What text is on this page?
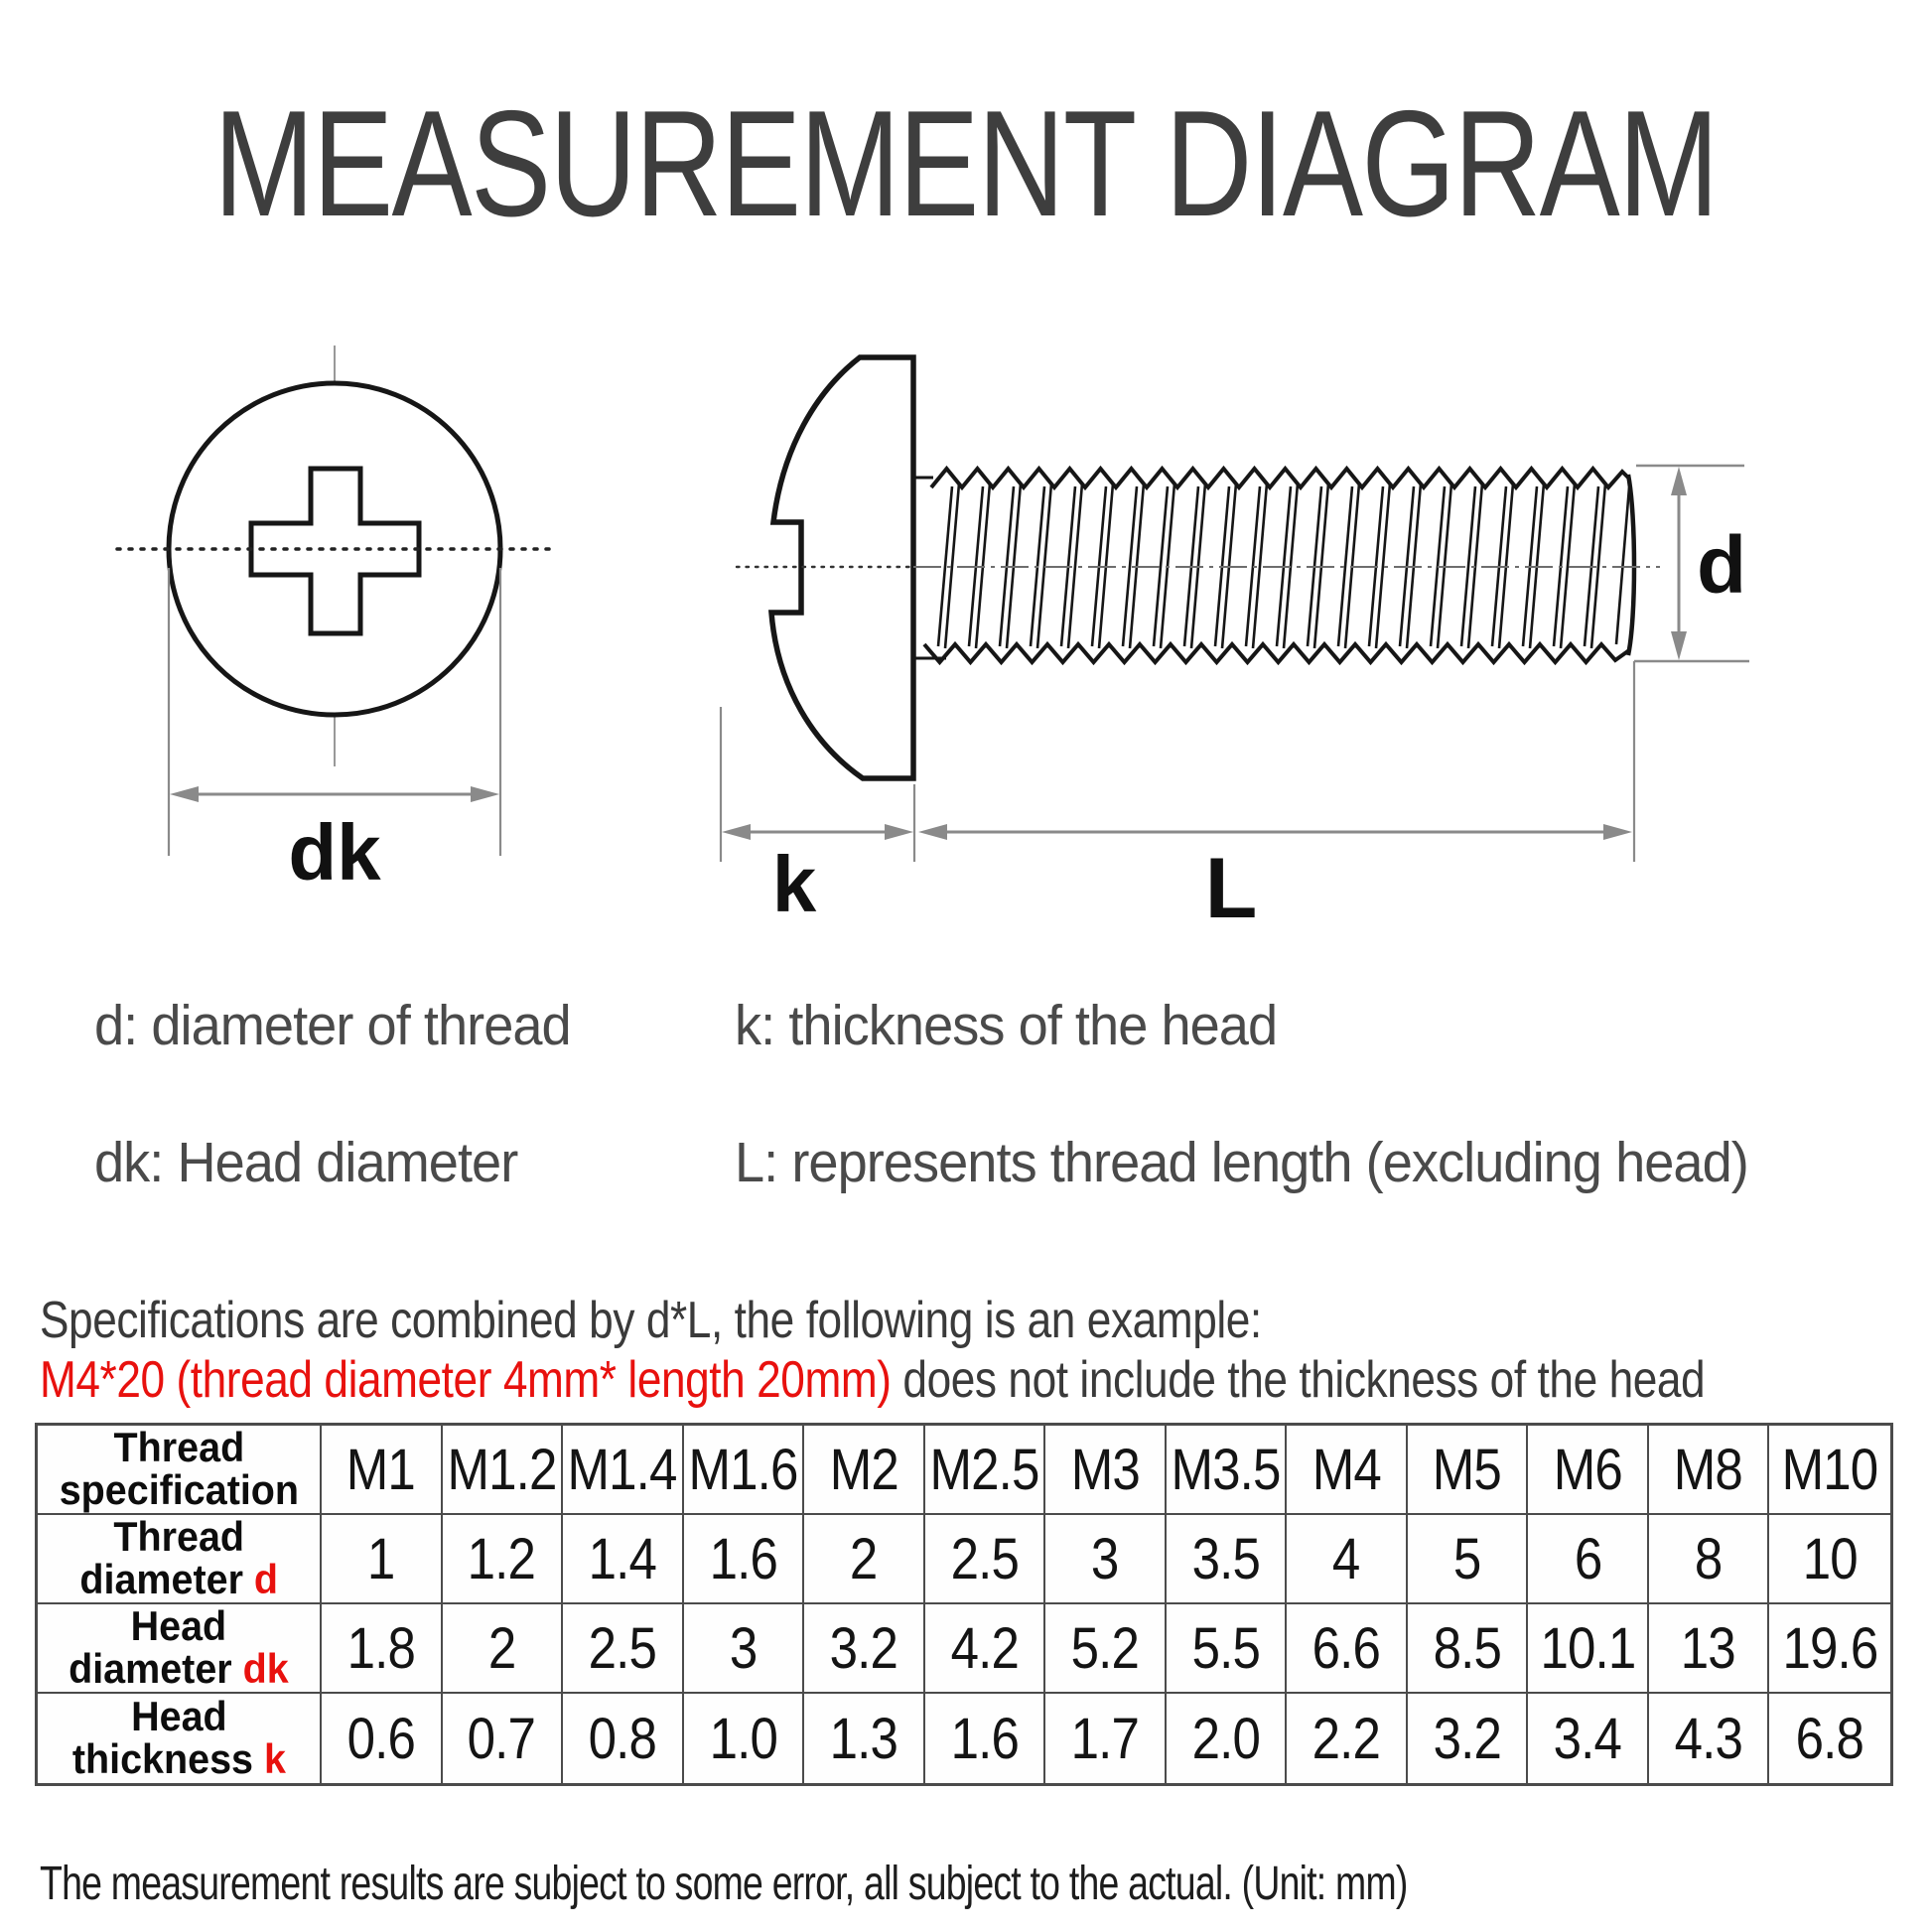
dk
d
k	L
MEASUREMENT DIAGRAM
d: diameter of thread	k: thickness of the head
dk: Head diameter	L: represents thread length (excluding head)
Specifications are combined by d*L, the following is an example:
M4*20 (thread diameter 4mm* length 20mm) does not include the thickness of the head
Thread
specification M1 M1.2 M1.4 M1.6 M2 M2.5 M3 M3.5 M4 M5 M6 M8 M10
Thread
diameter d 1 1.2 1.4 1.6 2 2.5 3 3.5 4 5 6 8 10
Head
diameter dk 1.8 2 2.5 3 3.2 4.2 5.2 5.5 6.6 8.5 10.1 13 19.6
Head
thickness k 0.6 0.7 0.8 1.0 1.3 1.6 1.7 2.0 2.2 3.2 3.4 4.3 6.8
The measurement results are subject to some error, all subject to the actual. (Unit: mm)
